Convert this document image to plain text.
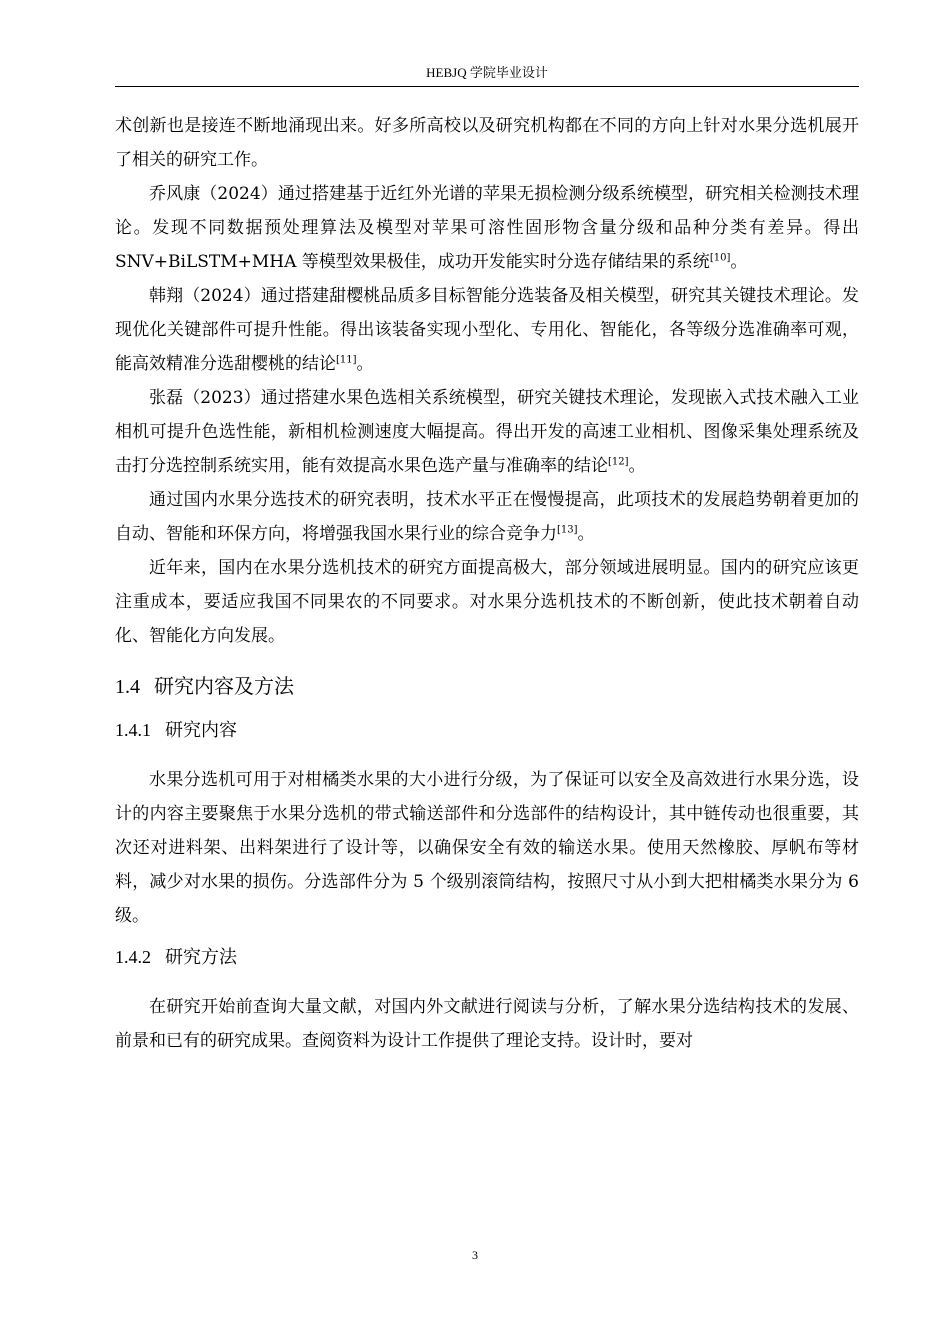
HEBJQ 学院毕业设计

术创新也是接连不断地涌现出来。好多所高校以及研究机构都在不同的方向上针对水果分选机展开了相关的研究工作。

乔风康（2024）通过搭建基于近红外光谱的苹果无损检测分级系统模型，研究相关检测技术理论。发现不同数据预处理算法及模型对苹果可溶性固形物含量分级和品种分类有差异。得出 SNV+BiLSTM+MHA 等模型效果极佳，成功开发能实时分选存储结果的系统[10]。

韩翔（2024）通过搭建甜樱桃品质多目标智能分选装备及相关模型，研究其关键技术理论。发现优化关键部件可提升性能。得出该装备实现小型化、专用化、智能化，各等级分选准确率可观，能高效精准分选甜樱桃的结论[11]。

张磊（2023）通过搭建水果色选相关系统模型，研究关键技术理论，发现嵌入式技术融入工业相机可提升色选性能，新相机检测速度大幅提高。得出开发的高速工业相机、图像采集处理系统及击打分选控制系统实用，能有效提高水果色选产量与准确率的结论[12]。

通过国内水果分选技术的研究表明，技术水平正在慢慢提高，此项技术的发展趋势朝着更加的自动、智能和环保方向，将增强我国水果行业的综合竞争力[13]。

近年来，国内在水果分选机技术的研究方面提高极大，部分领域进展明显。国内的研究应该更注重成本，要适应我国不同果农的不同要求。对水果分选机技术的不断创新，使此技术朝着自动化、智能化方向发展。

1.4 研究内容及方法
1.4.1 研究内容

水果分选机可用于对柑橘类水果的大小进行分级，为了保证可以安全及高效进行水果分选，设计的内容主要聚焦于水果分选机的带式输送部件和分选部件的结构设计，其中链传动也很重要，其次还对进料架、出料架进行了设计等，以确保安全有效的输送水果。使用天然橡胶、厚帆布等材料，减少对水果的损伤。分选部件分为 5 个级别滚筒结构，按照尺寸从小到大把柑橘类水果分为 6 级。

1.4.2 研究方法

在研究开始前查询大量文献，对国内外文献进行阅读与分析，了解水果分选结构技术的发展、前景和已有的研究成果。查阅资料为设计工作提供了理论支持。设计时，要对

3
